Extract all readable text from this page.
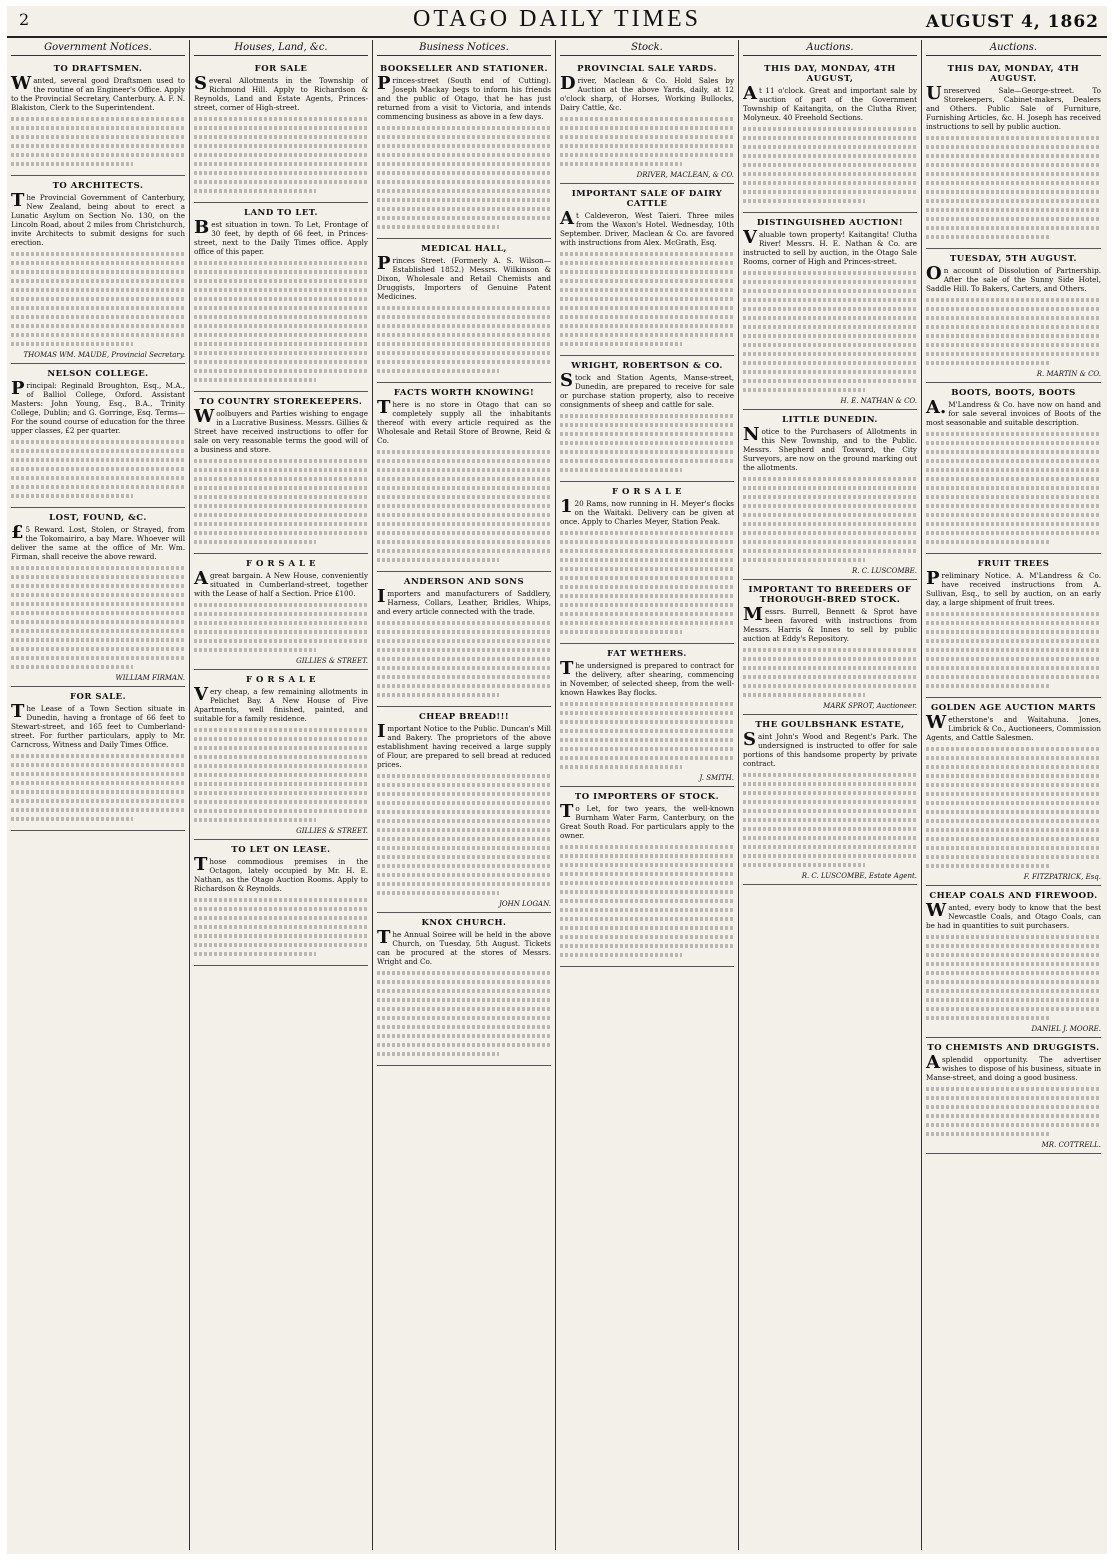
2	OTAGO DAILY TIMES	AUGUST 4, 1862
Government Notices.
TO DRAFTSMEN.
Wanted, several good Draftsmen used to the routine of an Engineer's Office. Apply to the Provincial Secretary, Canterbury. A. F. N. Blakiston, Clerk to the Superintendent.
TO ARCHITECTS.
The Provincial Government of Canterbury, New Zealand, being about to erect a Lunatic Asylum on Section No. 130, on the Lincoln Road, about 2 miles from Christchurch, invite Architects to submit designs for such erection.
THOMAS WM. MAUDE, Provincial Secretary.
NELSON COLLEGE.
Principal: Reginald Broughton, Esq., M.A., of Balliol College, Oxford. Assistant Masters: John Young, Esq., B.A., Trinity College, Dublin; and G. Gorringe, Esq. Terms—For the sound course of education for the three upper classes, £2 per quarter.
LOST, FOUND, &C.
£5 Reward. Lost, Stolen, or Strayed, from the Tokomairiro, a bay Mare. Whoever will deliver the same at the office of Mr. Wm. Firman, shall receive the above reward.
WILLIAM FIRMAN.
FOR SALE.
The Lease of a Town Section situate in Dunedin, having a frontage of 66 feet to Stewart-street, and 165 feet to Cumberland-street. For further particulars, apply to Mr. Carncross, Witness and Daily Times Office.
Houses, Land, &c.
FOR SALE
Several Allotments in the Township of Richmond Hill. Apply to Richardson & Reynolds, Land and Estate Agents, Princes-street, corner of High-street.
LAND TO LET.
Best situation in town. To Let, Frontage of 30 feet, by depth of 66 feet, in Princes-street, next to the Daily Times office. Apply office of this paper.
TO COUNTRY STOREKEEPERS.
Woolbuyers and Parties wishing to engage in a Lucrative Business. Messrs. Gillies & Street have received instructions to offer for sale on very reasonable terms the good will of a business and store.
F O R S A L E
Agreat bargain. A New House, conveniently situated in Cumberland-street, together with the Lease of half a Section. Price £100.
GILLIES & STREET.
F O R S A L E
Very cheap, a few remaining allotments in Pelichet Bay. A New House of Five Apartments, well finished, painted, and suitable for a family residence.
GILLIES & STREET.
TO LET ON LEASE.
Those commodious premises in the Octagon, lately occupied by Mr. H. E. Nathan, as the Otago Auction Rooms. Apply to Richardson & Reynolds.
Business Notices.
BOOKSELLER AND STATIONER.
Princes-street (South end of Cutting). Joseph Mackay begs to inform his friends and the public of Otago, that he has just returned from a visit to Victoria, and intends commencing business as above in a few days.
MEDICAL HALL,
Princes Street. (Formerly A. S. Wilson—Established 1852.) Messrs. Wilkinson & Dixon, Wholesale and Retail Chemists and Druggists, Importers of Genuine Patent Medicines.
FACTS WORTH KNOWING!
There is no store in Otago that can so completely supply all the inhabitants thereof with every article required as the Wholesale and Retail Store of Browne, Reid & Co.
ANDERSON AND SONS
Importers and manufacturers of Saddlery, Harness, Collars, Leather, Bridles, Whips, and every article connected with the trade.
CHEAP BREAD!!!
Important Notice to the Public. Duncan's Mill and Bakery. The proprietors of the above establishment having received a large supply of Flour, are prepared to sell bread at reduced prices.
JOHN LOGAN.
KNOX CHURCH.
The Annual Soiree will be held in the above Church, on Tuesday, 5th August. Tickets can be procured at the stores of Messrs. Wright and Co.
Stock.
PROVINCIAL SALE YARDS.
Driver, Maclean & Co. Hold Sales by Auction at the above Yards, daily, at 12 o'clock sharp, of Horses, Working Bullocks, Dairy Cattle, &c.
DRIVER, MACLEAN, & CO.
IMPORTANT SALE OF DAIRY CATTLE
At Caldeveron, West Taieri. Three miles from the Waxon's Hotel. Wednesday, 10th September. Driver, Maclean & Co. are favored with instructions from Alex. McGrath, Esq.
WRIGHT, ROBERTSON & CO.
Stock and Station Agents, Manse-street, Dunedin, are prepared to receive for sale or purchase station property, also to receive consignments of sheep and cattle for sale.
F O R S A L E
120 Rams, now running in H. Meyer's flocks on the Waitaki. Delivery can be given at once. Apply to Charles Meyer, Station Peak.
FAT WETHERS.
The undersigned is prepared to contract for the delivery, after shearing, commencing in November, of selected sheep, from the well-known Hawkes Bay flocks.
J. SMITH.
TO IMPORTERS OF STOCK.
To Let, for two years, the well-known Burnham Water Farm, Canterbury, on the Great South Road. For particulars apply to the owner.
Auctions.
THIS DAY, MONDAY, 4TH AUGUST,
At 11 o'clock. Great and important sale by auction of part of the Government Township of Kaitangita, on the Clutha River, Molyneux. 40 Freehold Sections.
DISTINGUISHED AUCTION!
Valuable town property! Kaitangita! Clutha River! Messrs. H. E. Nathan & Co. are instructed to sell by auction, in the Otago Sale Rooms, corner of High and Princes-street.
H. E. NATHAN & CO.
LITTLE DUNEDIN.
Notice to the Purchasers of Allotments in this New Township, and to the Public. Messrs. Shepherd and Toxward, the City Surveyors, are now on the ground marking out the allotments.
R. C. LUSCOMBE.
IMPORTANT TO BREEDERS OF THOROUGH-BRED STOCK.
Messrs. Burrell, Bennett & Sprot have been favored with instructions from Messrs. Harris & Innes to sell by public auction at Eddy's Repository.
MARK SPROT, Auctioneer.
THE GOULBSHANK ESTATE,
Saint John's Wood and Regent's Park. The undersigned is instructed to offer for sale portions of this handsome property by private contract.
R. C. LUSCOMBE, Estate Agent.
Auctions.
THIS DAY, MONDAY, 4TH AUGUST.
Unreserved Sale—George-street. To Storekeepers, Cabinet-makers, Dealers and Others. Public Sale of Furniture, Furnishing Articles, &c. H. Joseph has received instructions to sell by public auction.
TUESDAY, 5TH AUGUST.
On account of Dissolution of Partnership. After the sale of the Sunny Side Hotel, Saddle Hill. To Bakers, Carters, and Others.
R. MARTIN & CO.
BOOTS, BOOTS, BOOTS
A.M'Landress & Co. have now on hand and for sale several invoices of Boots of the most seasonable and suitable description.
FRUIT TREES
Preliminary Notice. A. M'Landress & Co. have received instructions from A. Sullivan, Esq., to sell by auction, on an early day, a large shipment of fruit trees.
GOLDEN AGE AUCTION MARTS
Wetherstone's and Waitahuna. Jones, Limbrick & Co., Auctioneers, Commission Agents, and Cattle Salesmen.
F. FITZPATRICK, Esq.
CHEAP COALS AND FIREWOOD.
Wanted, every body to know that the best Newcastle Coals, and Otago Coals, can be had in quantities to suit purchasers.
DANIEL J. MOORE.
TO CHEMISTS AND DRUGGISTS.
Asplendid opportunity. The advertiser wishes to dispose of his business, situate in Manse-street, and doing a good business.
MR. COTTRELL.
